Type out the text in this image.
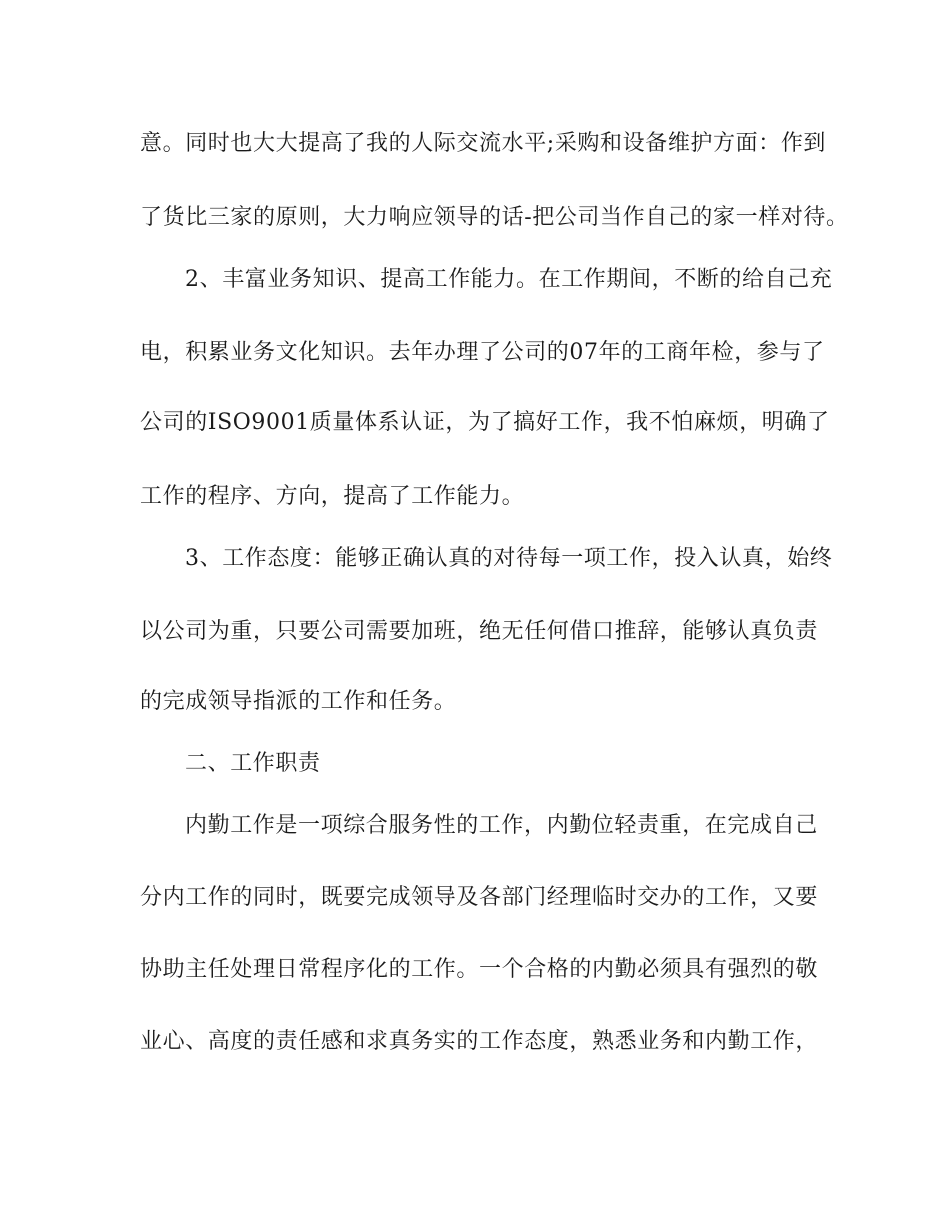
意。同时也大大提高了我的人际交流水平;采购和设备维护方面：作到
了货比三家的原则，大力响应领导的话-把公司当作自己的家一样对待。
2、丰富业务知识、提高工作能力。在工作期间，不断的给自己充
电，积累业务文化知识。去年办理了公司的07年的工商年检，参与了
公司的ISO9001质量体系认证，为了搞好工作，我不怕麻烦，明确了
工作的程序、方向，提高了工作能力。
3、工作态度：能够正确认真的对待每一项工作，投入认真，始终
以公司为重，只要公司需要加班，绝无任何借口推辞，能够认真负责
的完成领导指派的工作和任务。
二、工作职责
内勤工作是一项综合服务性的工作，内勤位轻责重，在完成自己
分内工作的同时，既要完成领导及各部门经理临时交办的工作，又要
协助主任处理日常程序化的工作。一个合格的内勤必须具有强烈的敬
业心、高度的责任感和求真务实的工作态度，熟悉业务和内勤工作，
